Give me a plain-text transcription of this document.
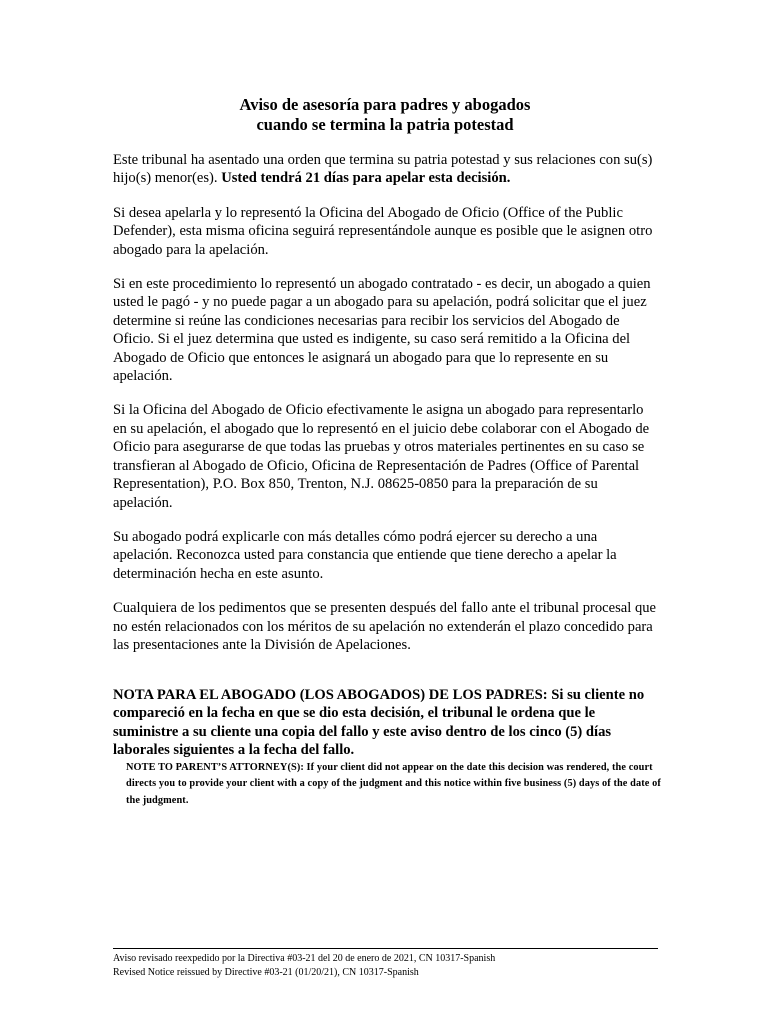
Aviso de asesoría para padres y abogados
cuando se termina la patria potestad

Este tribunal ha asentado una orden que termina su patria potestad y sus relaciones con su(s) hijo(s) menor(es). Usted tendrá 21 días para apelar esta decisión.

Si desea apelarla y lo representó la Oficina del Abogado de Oficio (Office of the Public Defender), esta misma oficina seguirá representándole aunque es posible que le asignen otro abogado para la apelación.

Si en este procedimiento lo representó un abogado contratado - es decir, un abogado a quien usted le pagó - y no puede pagar a un abogado para su apelación, podrá solicitar que el juez determine si reúne las condiciones necesarias para recibir los servicios del Abogado de Oficio. Si el juez determina que usted es indigente, su caso será remitido a la Oficina del Abogado de Oficio que entonces le asignará un abogado para que lo represente en su apelación.

Si la Oficina del Abogado de Oficio efectivamente le asigna un abogado para representarlo en su apelación, el abogado que lo representó en el juicio debe colaborar con el Abogado de Oficio para asegurarse de que todas las pruebas y otros materiales pertinentes en su caso se transfieran al Abogado de Oficio, Oficina de Representación de Padres (Office of Parental Representation), P.O. Box 850, Trenton, N.J. 08625-0850 para la preparación de su apelación.

Su abogado podrá explicarle con más detalles cómo podrá ejercer su derecho a una apelación. Reconozca usted para constancia que entiende que tiene derecho a apelar la determinación hecha en este asunto.

Cualquiera de los pedimentos que se presenten después del fallo ante el tribunal procesal que no estén relacionados con los méritos de su apelación no extenderán el plazo concedido para las presentaciones ante la División de Apelaciones.

NOTA PARA EL ABOGADO (LOS ABOGADOS) DE LOS PADRES: Si su cliente no compareció en la fecha en que se dio esta decisión, el tribunal le ordena que le suministre a su cliente una copia del fallo y este aviso dentro de los cinco (5) días laborales siguientes a la fecha del fallo.

NOTE TO PARENT’S ATTORNEY(S): If your client did not appear on the date this decision was rendered, the court directs you to provide your client with a copy of the judgment and this notice within five business (5) days of the date of the judgment.

Aviso revisado reexpedido por la Directiva #03-21 del 20 de enero de 2021, CN 10317-Spanish
Revised Notice reissued by Directive #03-21 (01/20/21), CN 10317-Spanish
